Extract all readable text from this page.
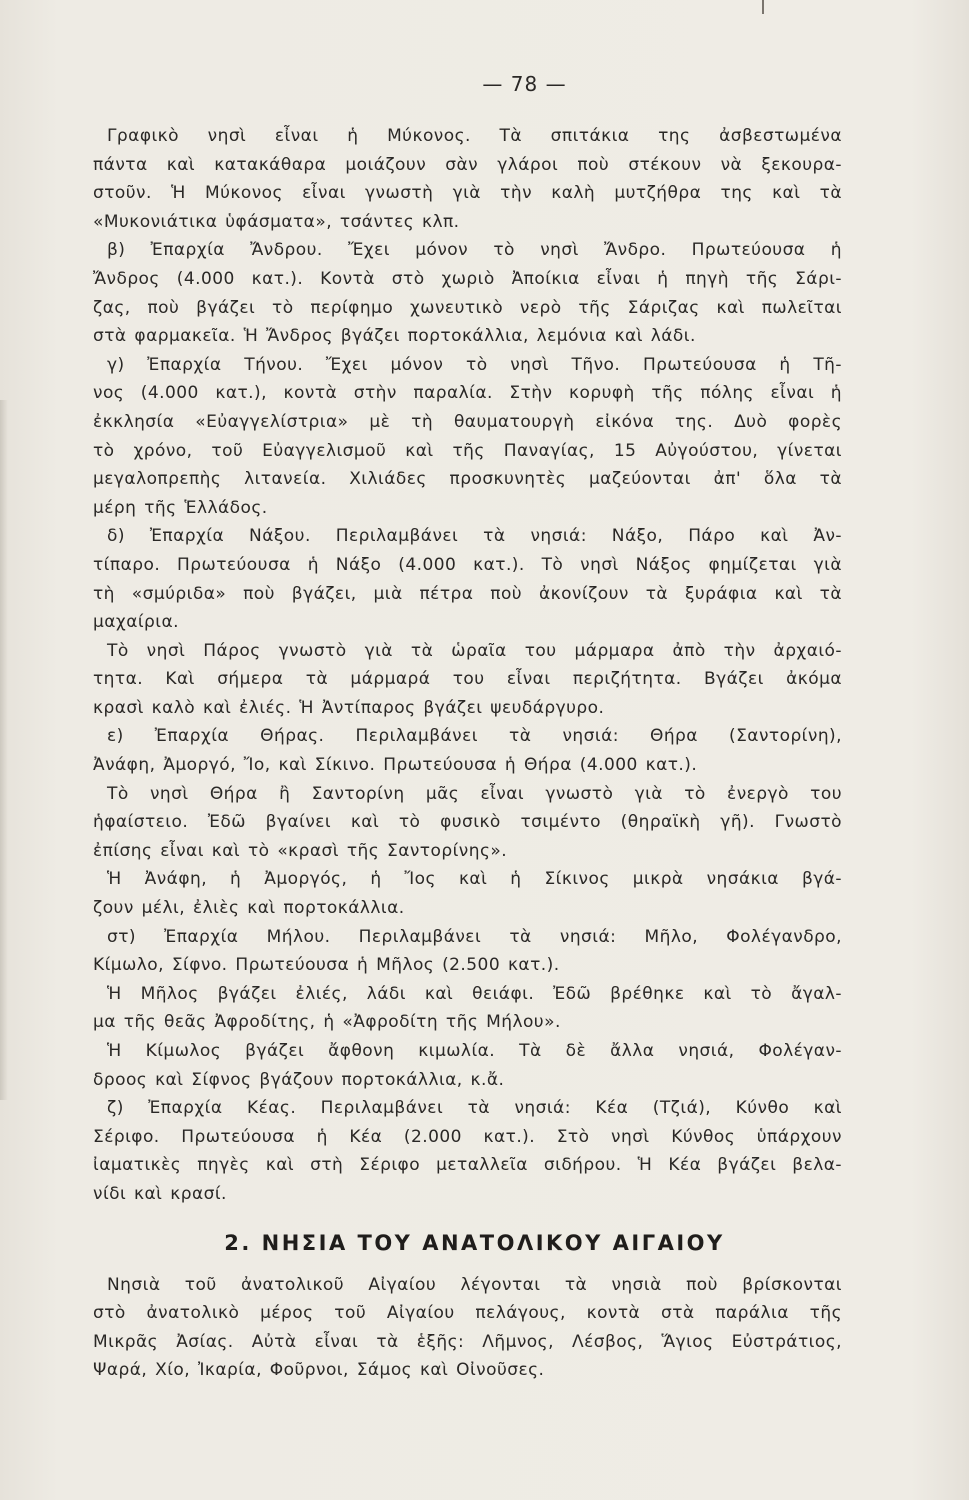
— 78 —
Γραφικὸ νησὶ εἶναι ἡ Μύκονος. Τὰ σπιτάκια της ἀσβεστωμένα
πάντα καὶ κατακάθαρα μοιάζουν σὰν γλάροι ποὺ στέκουν νὰ ξεκουρα-
στοῦν. Ἡ Μύκονος εἶναι γνωστὴ γιὰ τὴν καλὴ μυτζήθρα της καὶ τὰ
«Μυκονιάτικα ὑφάσματα», τσάντες κλπ.
β) Ἐπαρχία Ἄνδρου. Ἔχει μόνον τὸ νησὶ Ἄνδρο. Πρωτεύουσα ἡ
Ἄνδρος (4.000 κατ.). Κοντὰ στὸ χωριὸ Ἀποίκια εἶναι ἡ πηγὴ τῆς Σάρι-
ζας, ποὺ βγάζει τὸ περίφημο χωνευτικὸ νερὸ τῆς Σάριζας καὶ πωλεῖται
στὰ φαρμακεῖα. Ἡ Ἄνδρος βγάζει πορτοκάλλια, λεμόνια καὶ λάδι.
γ) Ἐπαρχία Τήνου. Ἔχει μόνον τὸ νησὶ Τῆνο. Πρωτεύουσα ἡ Τῆ-
νος (4.000 κατ.), κοντὰ στὴν παραλία. Στὴν κορυφὴ τῆς πόλης εἶναι ἡ
ἐκκλησία «Εὐαγγελίστρια» μὲ τὴ θαυματουργὴ εἰκόνα της. Δυὸ φορὲς
τὸ χρόνο, τοῦ Εὐαγγελισμοῦ καὶ τῆς Παναγίας, 15 Αὐγούστου, γίνεται
μεγαλοπρεπὴς λιτανεία. Χιλιάδες προσκυνητὲς μαζεύονται ἀπ' ὅλα τὰ
μέρη τῆς Ἑλλάδος.
δ) Ἐπαρχία Νάξου. Περιλαμβάνει τὰ νησιά: Νάξο, Πάρο καὶ Ἀν-
τίπαρο. Πρωτεύουσα ἡ Νάξο (4.000 κατ.). Τὸ νησὶ Νάξος φημίζεται γιὰ
τὴ «σμύριδα» ποὺ βγάζει, μιὰ πέτρα ποὺ ἀκονίζουν τὰ ξυράφια καὶ τὰ
μαχαίρια.
Τὸ νησὶ Πάρος γνωστὸ γιὰ τὰ ὡραῖα του μάρμαρα ἀπὸ τὴν ἀρχαιό-
τητα. Καὶ σήμερα τὰ μάρμαρά του εἶναι περιζήτητα. Βγάζει ἀκόμα
κρασὶ καλὸ καὶ ἐλιές. Ἡ Ἀντίπαρος βγάζει ψευδάργυρο.
ε) Ἐπαρχία Θήρας. Περιλαμβάνει τὰ νησιά: Θήρα (Σαντορίνη),
Ἀνάφη, Ἀμοργό, Ἴο, καὶ Σίκινο. Πρωτεύουσα ἡ Θήρα (4.000 κατ.).
Τὸ νησὶ Θήρα ἢ Σαντορίνη μᾶς εἶναι γνωστὸ γιὰ τὸ ἐνεργὸ του
ἡφαίστειο. Ἐδῶ βγαίνει καὶ τὸ φυσικὸ τσιμέντο (θηραϊκὴ γῆ). Γνωστὸ
ἐπίσης εἶναι καὶ τὸ «κρασὶ τῆς Σαντορίνης».
Ἡ Ἀνάφη, ἡ Ἀμοργός, ἡ Ἴος καὶ ἡ Σίκινος μικρὰ νησάκια βγά-
ζουν μέλι, ἐλιὲς καὶ πορτοκάλλια.
στ) Ἐπαρχία Μήλου. Περιλαμβάνει τὰ νησιά: Μῆλο, Φολέγανδρο,
Κίμωλο, Σίφνο. Πρωτεύουσα ἡ Μῆλος (2.500 κατ.).
Ἡ Μῆλος βγάζει ἐλιές, λάδι καὶ θειάφι. Ἐδῶ βρέθηκε καὶ τὸ ἄγαλ-
μα τῆς θεᾶς Ἀφροδίτης, ἡ «Ἀφροδίτη τῆς Μήλου».
Ἡ Κίμωλος βγάζει ἄφθονη κιμωλία. Τὰ δὲ ἄλλα νησιά, Φολέγαν-
δροος καὶ Σίφνος βγάζουν πορτοκάλλια, κ.ἄ.
ζ) Ἐπαρχία Κέας. Περιλαμβάνει τὰ νησιά: Κέα (Τζιά), Κύνθο καὶ
Σέριφο. Πρωτεύουσα ἡ Κέα (2.000 κατ.). Στὸ νησὶ Κύνθος ὑπάρχουν
ἰαματικὲς πηγὲς καὶ στὴ Σέριφο μεταλλεῖα σιδήρου. Ἡ Κέα βγάζει βελα-
νίδι καὶ κρασί.
2. ΝΗΣΙΑ ΤΟΥ ΑΝΑΤΟΛΙΚΟΥ ΑΙΓΑΙΟΥ
Νησιὰ τοῦ ἀνατολικοῦ Αἰγαίου λέγονται τὰ νησιὰ ποὺ βρίσκονται
στὸ ἀνατολικὸ μέρος τοῦ Αἰγαίου πελάγους, κοντὰ στὰ παράλια τῆς
Μικρᾶς Ἀσίας. Αὐτὰ εἶναι τὰ ἑξῆς: Λῆμνος, Λέσβος, Ἅγιος Εὐστράτιος,
Ψαρά, Χίο, Ἰκαρία, Φοῦρνοι, Σάμος καὶ Οἰνοῦσες.
